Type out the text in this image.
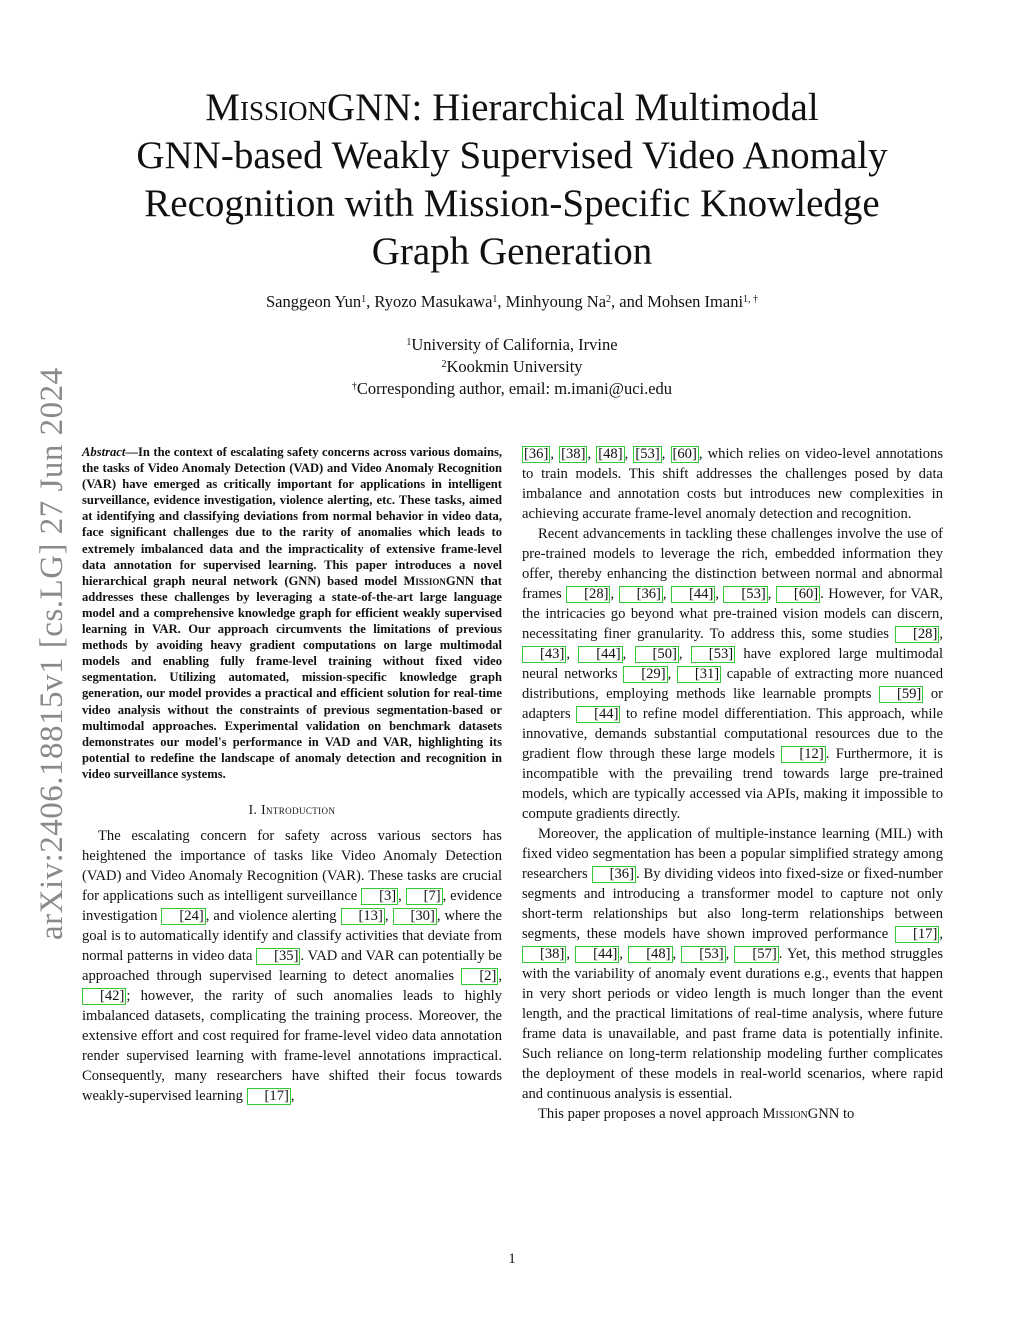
arXiv:2406.18815v1 [cs.LG] 27 Jun 2024
MissionGNN: Hierarchical Multimodal
GNN-based Weakly Supervised Video Anomaly
Recognition with Mission-Specific Knowledge
Graph Generation
Sanggeon Yun$^1$, Ryozo Masukawa$^1$, Minhyoung Na$^2$, and Mohsen Imani$^{1, \dagger}$
$^1$University of California, Irvine
$^2$Kookmin University
†Corresponding author, email: m.imani@uci.edu

Abstract—In the context of escalating safety concerns across various domains, the tasks of Video Anomaly Detection (VAD) and Video Anomaly Recognition (VAR) have emerged as critically important for applications in intelligent surveillance, evidence investigation, violence alerting, etc. These tasks, aimed at identifying and classifying deviations from normal behavior in video data, face significant challenges due to the rarity of anomalies which leads to extremely imbalanced data and the impracticality of extensive frame-level data annotation for supervised learning. This paper introduces a novel hierarchical graph neural network (GNN) based model MissionGNN that addresses these challenges by leveraging a state-of-the-art large language model and a comprehensive knowledge graph for efficient weakly supervised learning in VAR. Our approach circumvents the limitations of previous methods by avoiding heavy gradient computations on large multimodal models and enabling fully frame-level training without fixed video segmentation. Utilizing automated, mission-specific knowledge graph generation, our model provides a practical and efficient solution for real-time video analysis without the constraints of previous segmentation-based or multimodal approaches. Experimental validation on benchmark datasets demonstrates our model's performance in VAD and VAR, highlighting its potential to redefine the landscape of anomaly detection and recognition in video surveillance systems.

I. Introduction

The escalating concern for safety across various sectors has heightened the importance of tasks like Video Anomaly Detection (VAD) and Video Anomaly Recognition (VAR). These tasks are crucial for applications such as intelligent surveillance [3] , [7] , evidence investigation [24] , and violence alerting [13] , [30] , where the goal is to automatically identify and classify activities that deviate from normal patterns in video data [35] . VAD and VAR can potentially be approached through supervised learning to detect anomalies [2] , [42] ; however, the rarity of such anomalies leads to highly imbalanced datasets, complicating the training process. Moreover, the extensive effort and cost required for frame-level video data annotation render supervised learning with frame-level annotations impractical. Consequently, many researchers have shifted their focus towards weakly-supervised learning [17] ,

[36] , [38] , [48] , [53] , [60] , which relies on video-level annotations to train models. This shift addresses the challenges posed by data imbalance and annotation costs but introduces new complexities in achieving accurate frame-level anomaly detection and recognition.

Recent advancements in tackling these challenges involve the use of pre-trained models to leverage the rich, embedded information they offer, thereby enhancing the distinction between normal and abnormal frames [28] , [36] , [44] , [53] , [60] . However, for VAR, the intricacies go beyond what pre-trained vision models can discern, necessitating finer granularity. To address this, some studies [28] , [43] , [44] , [50] , [53] have explored large multimodal neural networks [29] , [31] capable of extracting more nuanced distributions, employing methods like learnable prompts [59] or adapters [44] to refine model differentiation. This approach, while innovative, demands substantial computational resources due to the gradient flow through these large models [12] . Furthermore, it is incompatible with the prevailing trend towards large pre-trained models, which are typically accessed via APIs, making it impossible to compute gradients directly.

Moreover, the application of multiple-instance learning (MIL) with fixed video segmentation has been a popular simplified strategy among researchers [36] . By dividing videos into fixed-size or fixed-number segments and introducing a transformer model to capture not only short-term relationships but also long-term relationships between segments, these models have shown improved performance [17] , [38] , [44] , [48] , [53] , [57] . Yet, this method struggles with the variability of anomaly event durations e.g., events that happen in very short periods or video length is much longer than the event length, and the practical limitations of real-time analysis, where future frame data is unavailable, and past frame data is potentially infinite. Such reliance on long-term relationship modeling further complicates the deployment of these models in real-world scenarios, where rapid and continuous analysis is essential.

This paper proposes a novel approach MissionGNN to

1
